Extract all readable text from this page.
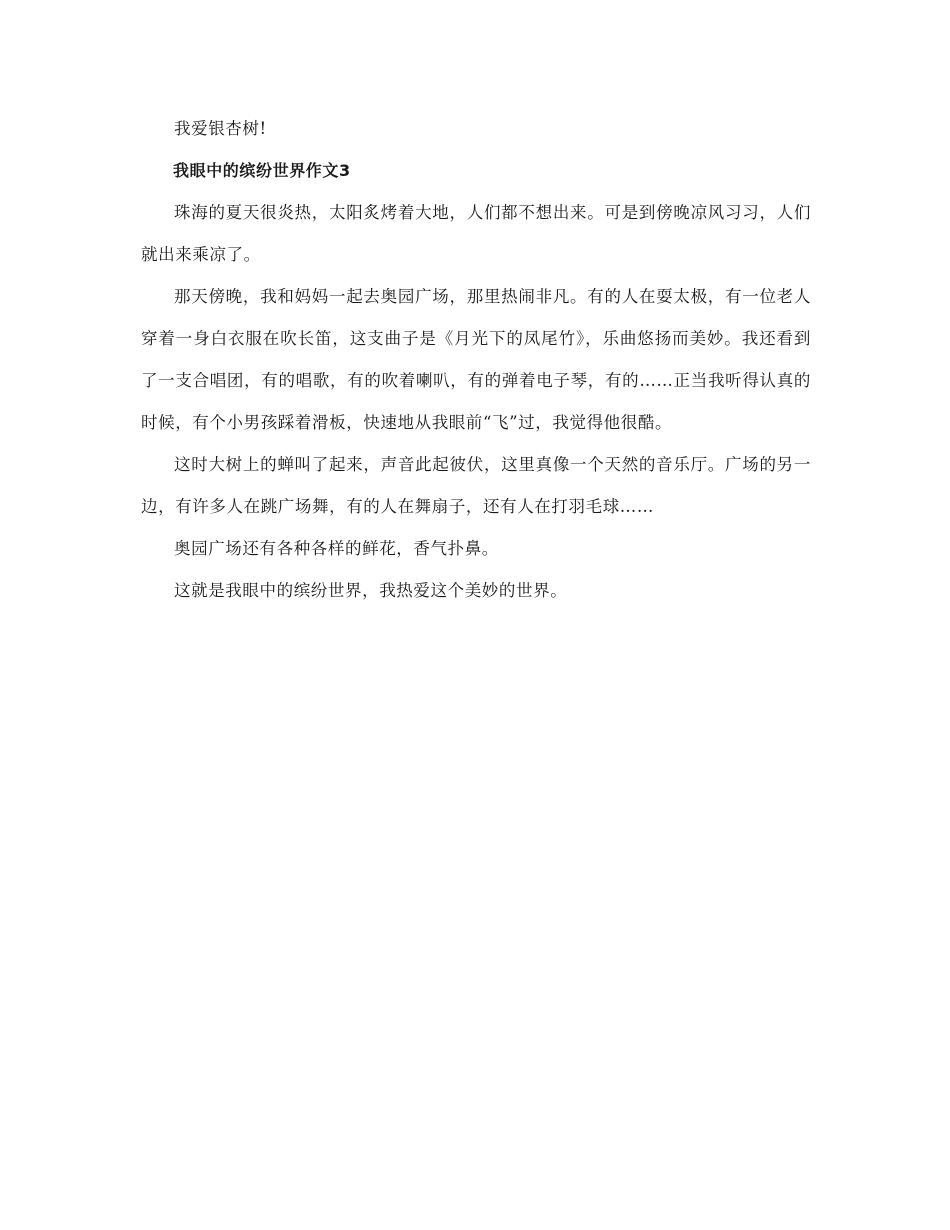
我爱银杏树!

我眼中的缤纷世界作文3

珠海的夏天很炎热，太阳炙烤着大地，人们都不想出来。可是到傍晚凉风习习，人们就出来乘凉了。

那天傍晚，我和妈妈一起去奥园广场，那里热闹非凡。有的人在耍太极，有一位老人穿着一身白衣服在吹长笛，这支曲子是《月光下的凤尾竹》，乐曲悠扬而美妙。我还看到了一支合唱团，有的唱歌，有的吹着喇叭，有的弹着电子琴，有的……正当我听得认真的时候，有个小男孩踩着滑板，快速地从我眼前“飞”过，我觉得他很酷。

这时大树上的蝉叫了起来，声音此起彼伏，这里真像一个天然的音乐厅。广场的另一边，有许多人在跳广场舞，有的人在舞扇子，还有人在打羽毛球……

奥园广场还有各种各样的鲜花，香气扑鼻。

这就是我眼中的缤纷世界，我热爱这个美妙的世界。
